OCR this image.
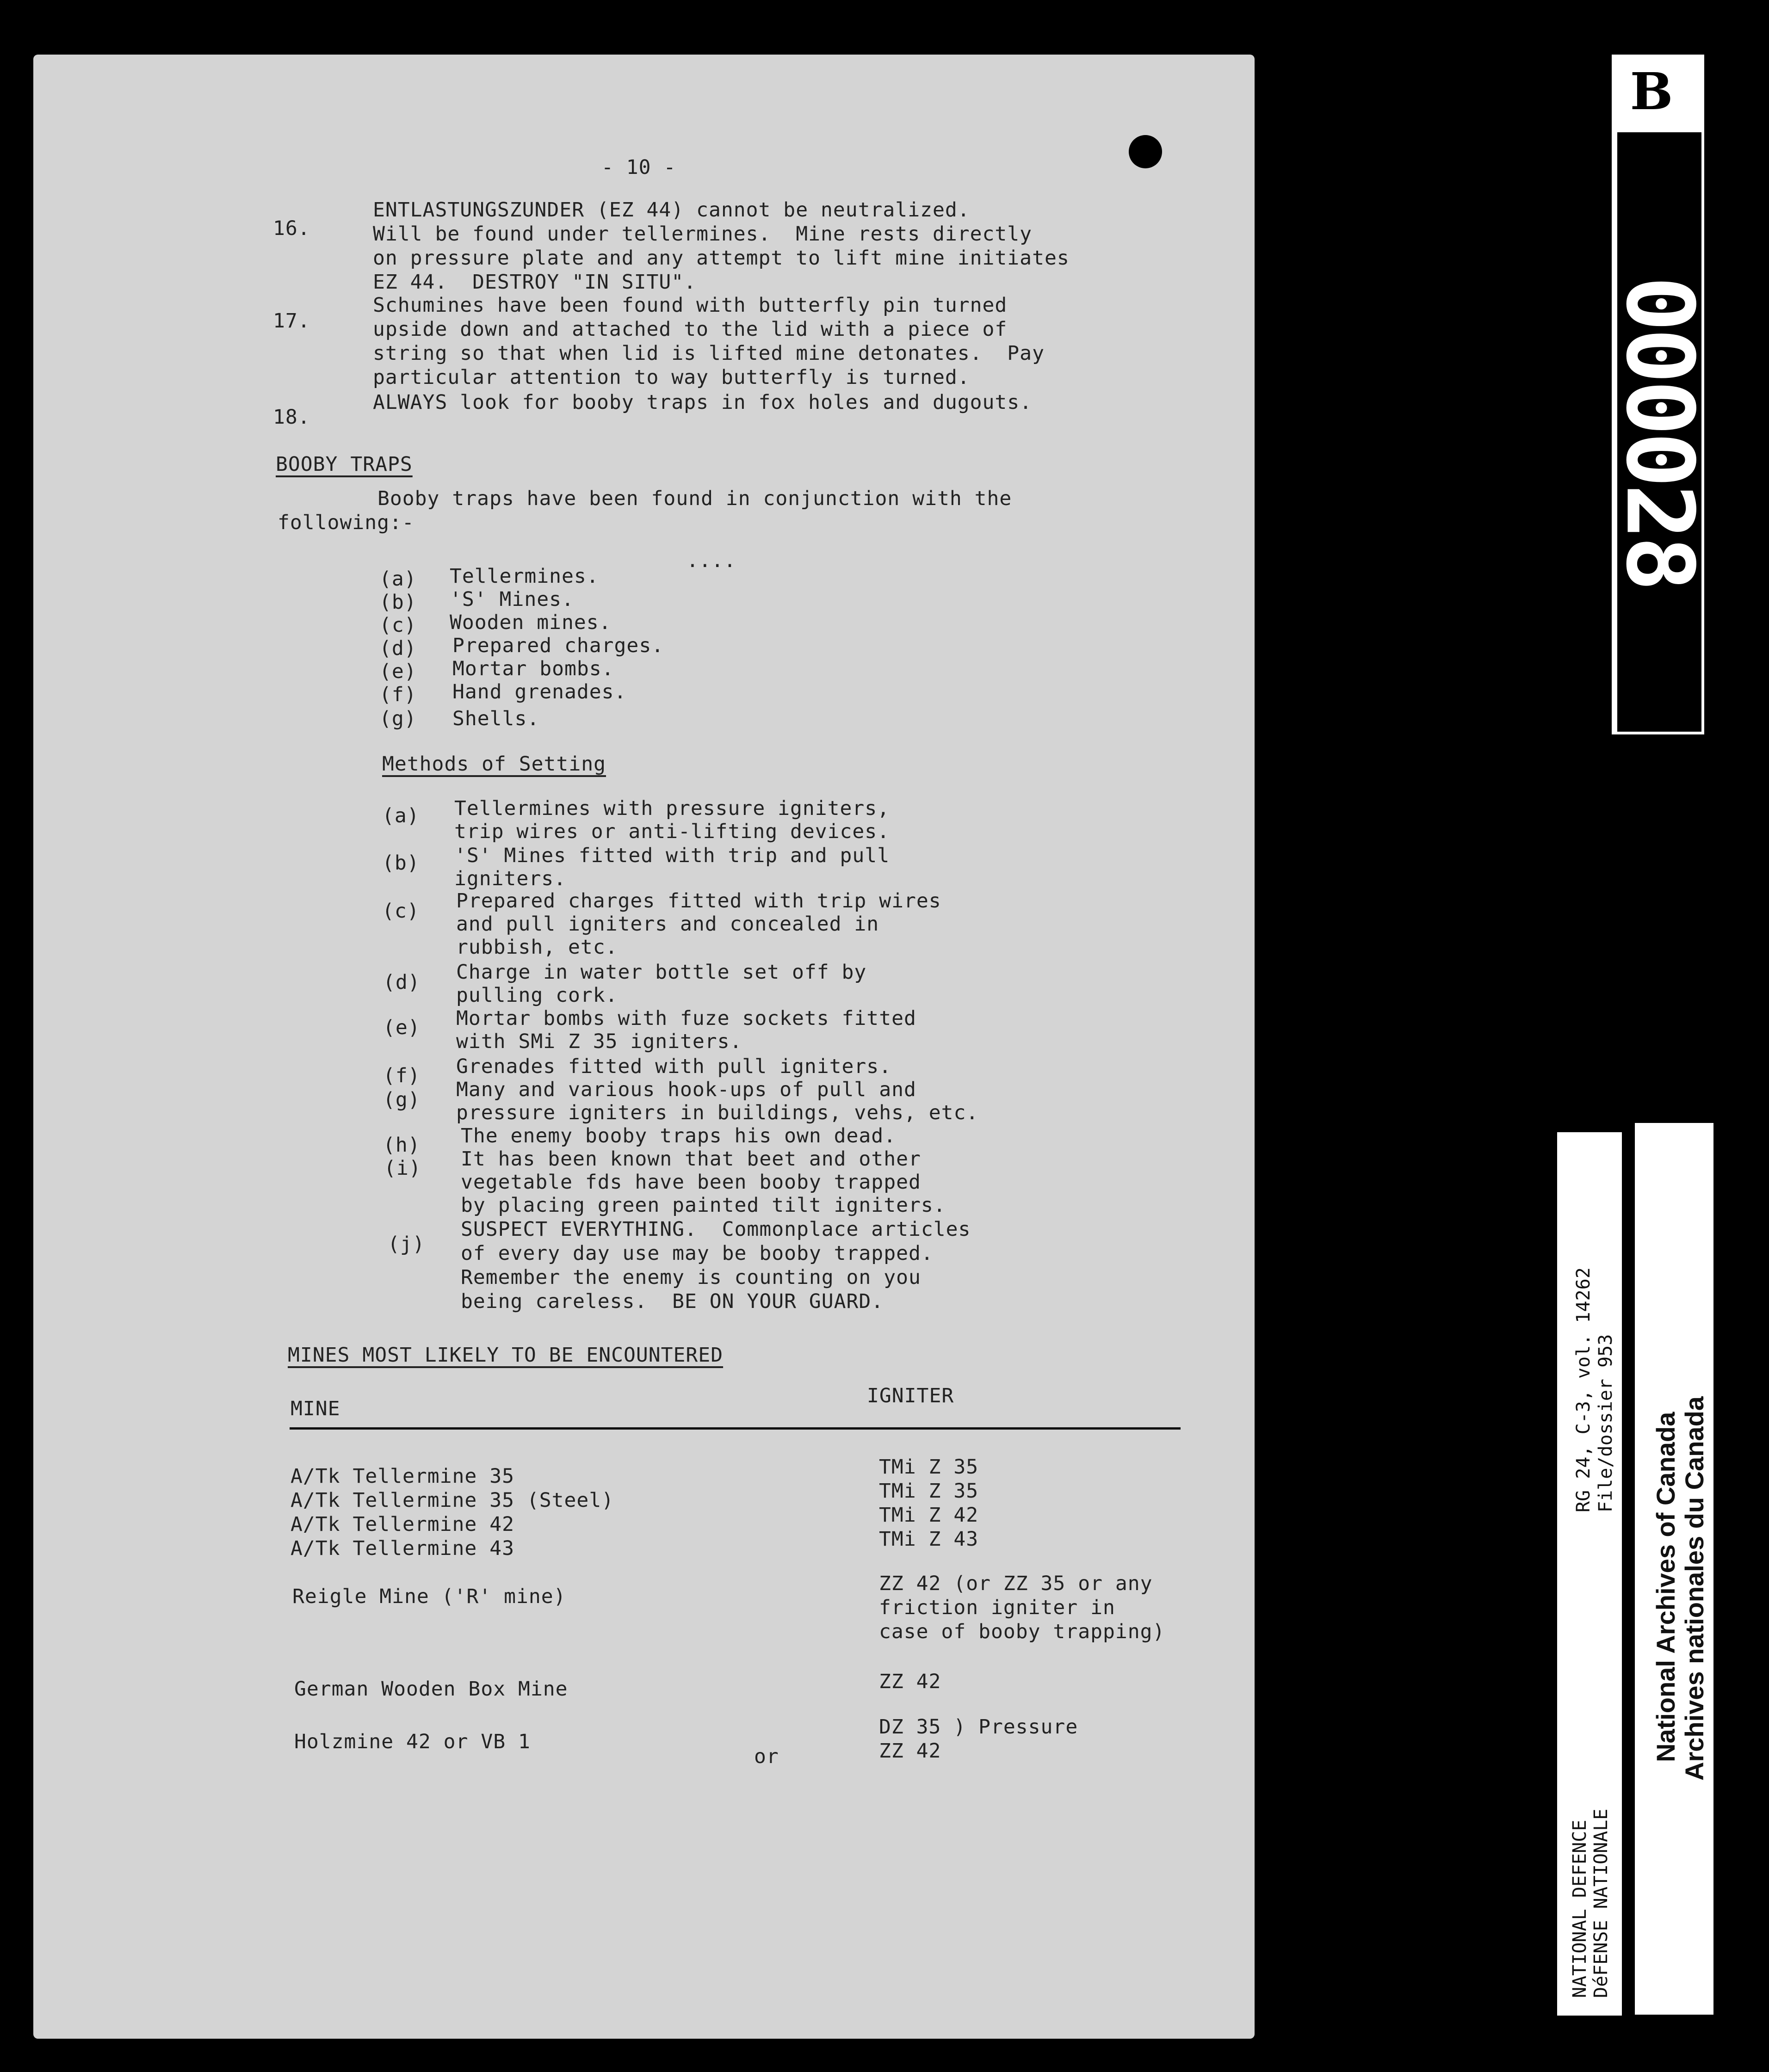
- 10 -
16.
ENTLASTUNGSZUNDER (EZ 44) cannot be neutralized.
Will be found under tellermines.  Mine rests directly
on pressure plate and any attempt to lift mine initiates
EZ 44.  DESTROY "IN SITU".
17.
Schumines have been found with butterfly pin turned
upside down and attached to the lid with a piece of
string so that when lid is lifted mine detonates.  Pay
particular attention to way butterfly is turned.
18.
ALWAYS look for booby traps in fox holes and dugouts.
BOOBY TRAPS
Booby traps have been found in conjunction with the
following:-
....
(a) Tellermines.
(b) 'S' Mines.
(c) Wooden mines.
(d) Prepared charges.
(e) Mortar bombs.
(f) Hand grenades.
(g) Shells.
Methods of Setting
(a) Tellermines with pressure igniters,
trip wires or anti-lifting devices.
(b) 'S' Mines fitted with trip and pull
igniters.
(c) Prepared charges fitted with trip wires
and pull igniters and concealed in
rubbish, etc.
(d) Charge in water bottle set off by
pulling cork.
(e) Mortar bombs with fuze sockets fitted
with SMi Z 35 igniters.
(f) Grenades fitted with pull igniters.
(g) Many and various hook-ups of pull and
pressure igniters in buildings, vehs, etc.
(h) The enemy booby traps his own dead.
(i) It has been known that beet and other
vegetable fds have been booby trapped
by placing green painted tilt igniters.
(j)
SUSPECT EVERYTHING.  Commonplace articles
of every day use may be booby trapped.
Remember the enemy is counting on you
being careless.  BE ON YOUR GUARD.
MINES MOST LIKELY TO BE ENCOUNTERED
MINE
IGNITER
A/Tk Tellermine 35
A/Tk Tellermine 35 (Steel)
A/Tk Tellermine 42
A/Tk Tellermine 43
TMi Z 35
TMi Z 35
TMi Z 42
TMi Z 43
Reigle Mine ('R' mine)
ZZ 42 (or ZZ 35 or any
friction igniter in
case of booby trapping)
German Wooden Box Mine	ZZ 42
Holzmine 42 or VB 1
or
DZ 35 ) Pressure
ZZ 42
B
000028
RG 24, C-3, vol. 14262 File/dossier 953
NATIONAL DEFENCE DéFENSE NATIONALE
National Archives of Canada Archives nationales du Canada
